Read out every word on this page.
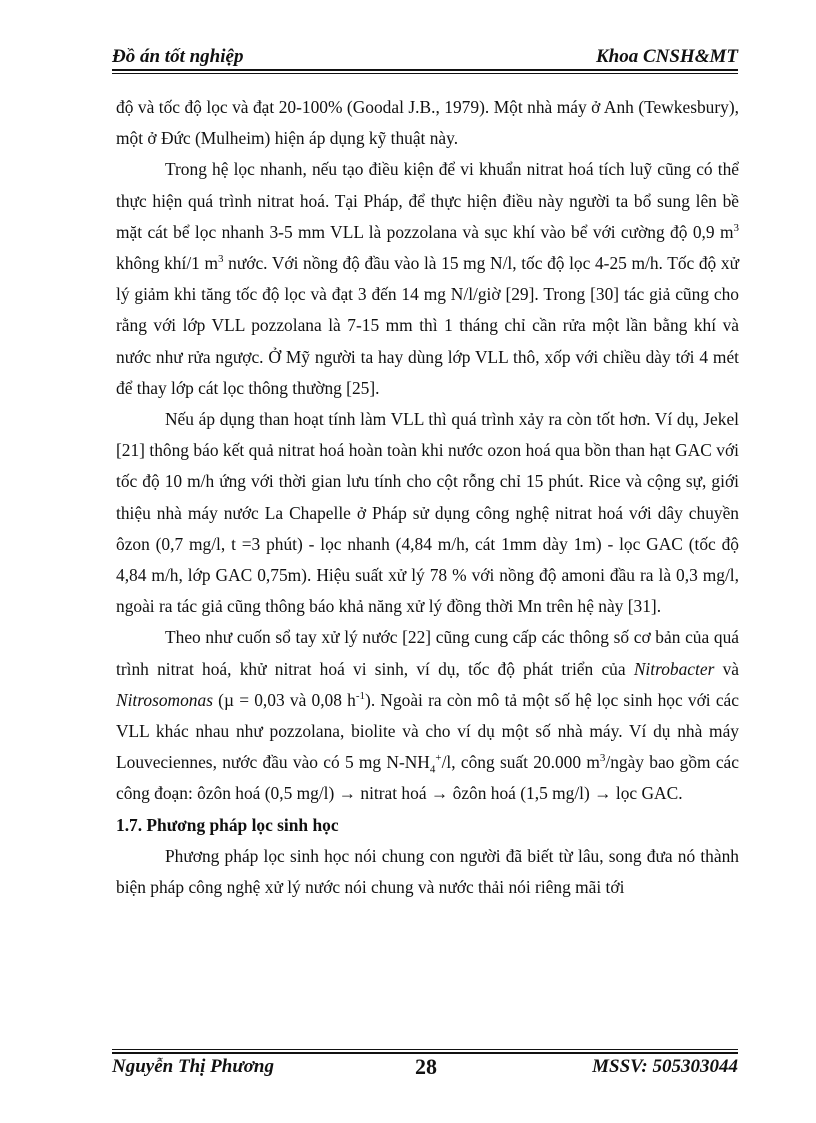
Đồ án tốt nghiệp	Khoa CNSH&MT

độ và tốc độ lọc và đạt 20-100% (Goodal J.B., 1979). Một nhà máy ở Anh (Tewkesbury), một ở Đức (Mulheim) hiện áp dụng kỹ thuật này.

Trong hệ lọc nhanh, nếu tạo điều kiện để vi khuẩn nitrat hoá tích luỹ cũng có thể thực hiện quá trình nitrat hoá. Tại Pháp, để thực hiện điều này người ta bổ sung lên bề mặt cát bể lọc nhanh 3-5 mm VLL là pozzolana và sục khí vào bể với cường độ 0,9 $m^3$ không khí/1 $m^3$ nước. Với nồng độ đầu vào là 15 mg N/l, tốc độ lọc 4-25 m/h. Tốc độ xử lý giảm khi tăng tốc độ lọc và đạt 3 đến 14 mg N/l/giờ [29]. Trong [30] tác giả cũng cho rằng với lớp VLL pozzolana là 7-15 mm thì 1 tháng chỉ cần rửa một lần bằng khí và nước như rửa ngược. Ở Mỹ người ta hay dùng lớp VLL thô, xốp với chiều dày tới 4 mét để thay lớp cát lọc thông thường [25].

Nếu áp dụng than hoạt tính làm VLL thì quá trình xảy ra còn tốt hơn. Ví dụ, Jekel [21] thông báo kết quả nitrat hoá hoàn toàn khi nước ozon hoá qua bồn than hạt GAC với tốc độ 10 m/h ứng với thời gian lưu tính cho cột rỗng chỉ 15 phút. Rice và cộng sự, giới thiệu nhà máy nước La Chapelle ở Pháp sử dụng công nghệ nitrat hoá với dây chuyền ôzon (0,7 mg/l, t =3 phút) - lọc nhanh (4,84 m/h, cát 1mm dày 1m) - lọc GAC (tốc độ 4,84 m/h, lớp GAC 0,75m). Hiệu suất xử lý 78 % với nồng độ amoni đầu ra là 0,3 mg/l, ngoài ra tác giả cũng thông báo khả năng xử lý đồng thời Mn trên hệ này [31].

Theo như cuốn sổ tay xử lý nước [22] cũng cung cấp các thông số cơ bản của quá trình nitrat hoá, khử nitrat hoá vi sinh, ví dụ, tốc độ phát triển của Nitrobacter và Nitrosomonas (µ = 0,03 và 0,08 $h^{-1}$). Ngoài ra còn mô tả một số hệ lọc sinh học với các VLL khác nhau như pozzolana, biolite và cho ví dụ một số nhà máy. Ví dụ nhà máy Louveciennes, nước đầu vào có 5 mg $N-NH_4^+/l$, công suất 20.000 $m^3$/ngày bao gồm các công đoạn: ôzôn hoá (0,5 mg/l) → nitrat hoá → ôzôn hoá (1,5 mg/l) → lọc GAC.

1.7. Phương pháp lọc sinh học

Phương pháp lọc sinh học nói chung con người đã biết từ lâu, song đưa nó thành biện pháp công nghệ xử lý nước nói chung và nước thải nói riêng mãi tới

Nguyễn Thị Phương	28	MSSV: 505303044
